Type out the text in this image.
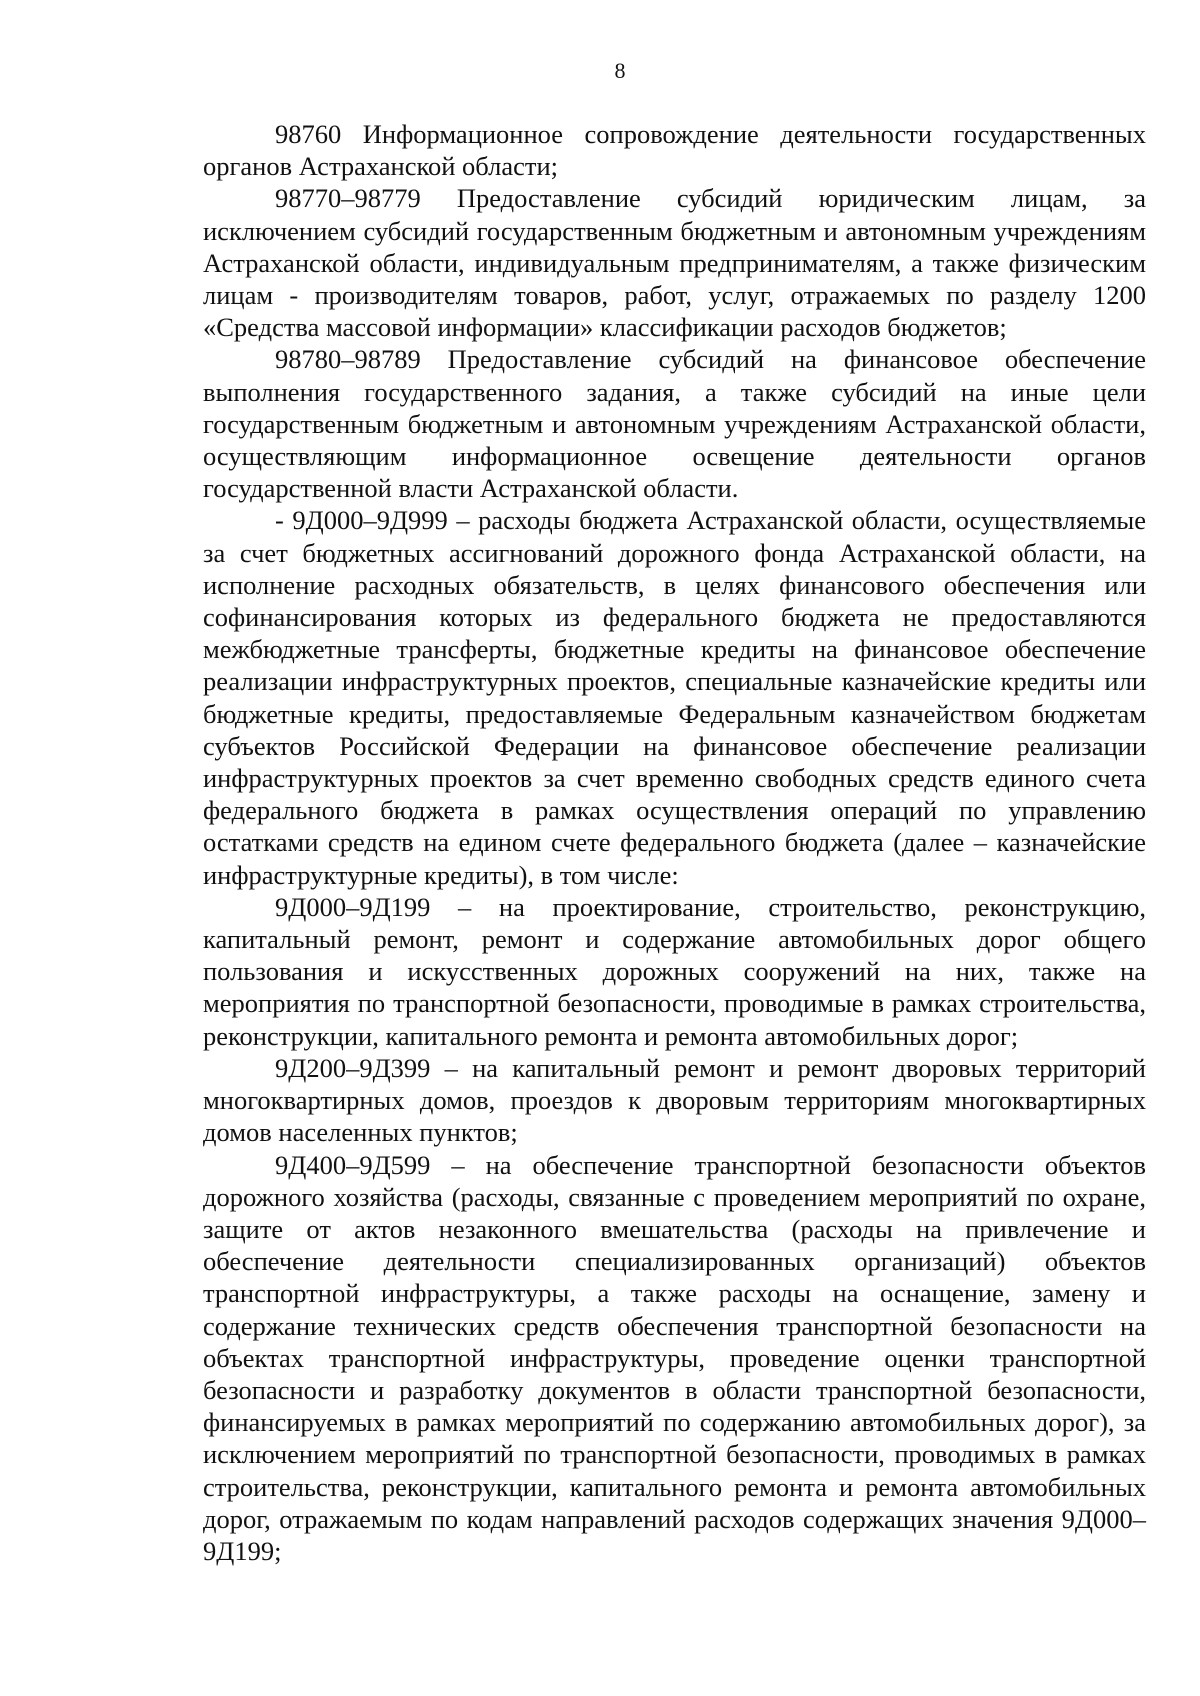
8

98760 Информационное сопровождение деятельности государственных органов Астраханской области;

98770–98779 Предоставление субсидий юридическим лицам, за исключением субсидий государственным бюджетным и автономным учреждениям Астраханской области, индивидуальным предпринимателям, а также физическим лицам - производителям товаров, работ, услуг, отражаемых по разделу 1200 «Средства массовой информации» классификации расходов бюджетов;

98780–98789 Предоставление субсидий на финансовое обеспечение выполнения государственного задания, а также субсидий на иные цели государственным бюджетным и автономным учреждениям Астраханской области, осуществляющим информационное освещение деятельности органов государственной власти Астраханской области.

- 9Д000–9Д999 – расходы бюджета Астраханской области, осуществляемые за счет бюджетных ассигнований дорожного фонда Астраханской области, на исполнение расходных обязательств, в целях финансового обеспечения или софинансирования которых из федерального бюджета не предоставляются межбюджетные трансферты, бюджетные кредиты на финансовое обеспечение реализации инфраструктурных проектов, специальные казначейские кредиты или бюджетные кредиты, предоставляемые Федеральным казначейством бюджетам субъектов Российской Федерации на финансовое обеспечение реализации инфраструктурных проектов за счет временно свободных средств единого счета федерального бюджета в рамках осуществления операций по управлению остатками средств на едином счете федерального бюджета (далее – казначейские инфраструктурные кредиты), в том числе:

9Д000–9Д199 – на проектирование, строительство, реконструкцию, капитальный ремонт, ремонт и содержание автомобильных дорог общего пользования и искусственных дорожных сооружений на них, также на мероприятия по транспортной безопасности, проводимые в рамках строительства, реконструкции, капитального ремонта и ремонта автомобильных дорог;

9Д200–9Д399 – на капитальный ремонт и ремонт дворовых территорий многоквартирных домов, проездов к дворовым территориям многоквартирных домов населенных пунктов;

9Д400–9Д599 – на обеспечение транспортной безопасности объектов дорожного хозяйства (расходы, связанные с проведением мероприятий по охране, защите от актов незаконного вмешательства (расходы на привлечение и обеспечение деятельности специализированных организаций) объектов транспортной инфраструктуры, а также расходы на оснащение, замену и содержание технических средств обеспечения транспортной безопасности на объектах транспортной инфраструктуры, проведение оценки транспортной безопасности и разработку документов в области транспортной безопасности, финансируемых в рамках мероприятий по содержанию автомобильных дорог), за исключением мероприятий по транспортной безопасности, проводимых в рамках строительства, реконструкции, капитального ремонта и ремонта автомобильных дорог, отражаемым по кодам направлений расходов содержащих значения 9Д000–9Д199;
